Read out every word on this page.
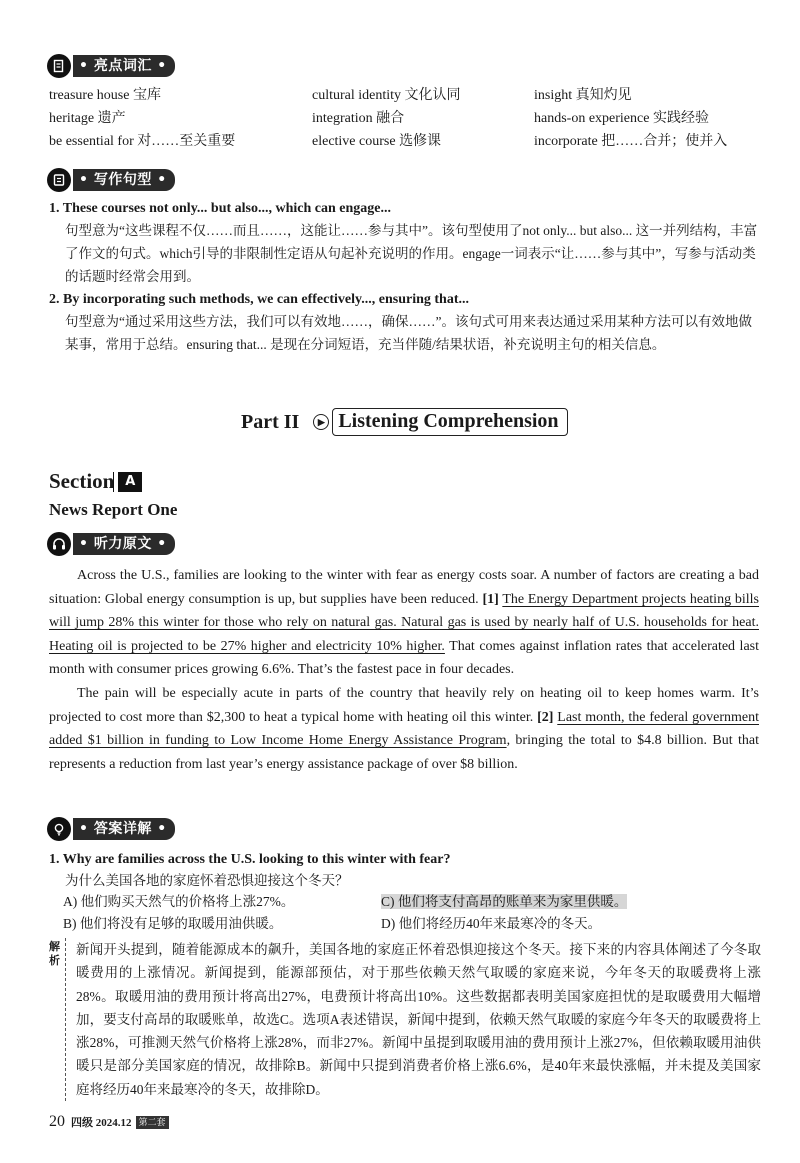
• 亮点词汇 •
treasure house 宝库	cultural identity 文化认同	insight 真知灼见
heritage 遗产	integration 融合	hands-on experience 实践经验
be essential for 对……至关重要	elective course 选修课	incorporate 把……合并；使并入
• 写作句型 •
1. These courses not only... but also..., which can engage...
句型意为“这些课程不仅……而且……，这能让……参与其中”。该句型使用了not only... but also... 这一并列结构，丰富了作文的句式。which引导的非限制性定语从句起补充说明的作用。engage一词表示“让……参与其中”，写参与活动类的话题时经常会用到。
2. By incorporating such methods, we can effectively..., ensuring that...
句型意为“通过采用这些方法，我们可以有效地……，确保……”。该句式可用来表达通过采用某种方法可以有效地做某事，常用于总结。ensuring that... 是现在分词短语，充当伴随/结果状语，补充说明主句的相关信息。
Part II	▶ Listening Comprehension
Section A
News Report One
• 听力原文 •

Across the U.S., families are looking to the winter with fear as energy costs soar. A number of factors are creating a bad situation: Global energy consumption is up, but supplies have been reduced. [1] The Energy Department projects heating bills will jump 28% this winter for those who rely on natural gas. Natural gas is used by nearly half of U.S. households for heat. Heating oil is projected to be 27% higher and electricity 10% higher. That comes against inflation rates that accelerated last month with consumer prices growing 6.6%. That’s the fastest pace in four decades.

The pain will be especially acute in parts of the country that heavily rely on heating oil to keep homes warm. It’s projected to cost more than $2,300 to heat a typical home with heating oil this winter. [2] Last month, the federal government added $1 billion in funding to Low Income Home Energy Assistance Program, bringing the total to $4.8 billion. But that represents a reduction from last year’s energy assistance package of over $8 billion.

• 答案详解 •
1. Why are families across the U.S. looking to this winter with fear?
为什么美国各地的家庭怀着恐惧迎接这个冬天？
A) 他们购买天然气的价格将上涨27%。	C) 他们将支付高昂的账单来为家里供暖。
B) 他们将没有足够的取暖用油供暖。	D) 他们将经历40年来最寒冷的冬天。
解析
新闻开头提到，随着能源成本的飙升，美国各地的家庭正怀着恐惧迎接这个冬天。接下来的内容具体阐述了今冬取暖费用的上涨情况。新闻提到，能源部预估，对于那些依赖天然气取暖的家庭来说，今年冬天的取暖费将上涨28%。取暖用油的费用预计将高出27%，电费预计将高出10%。这些数据都表明美国家庭担忧的是取暖费用大幅增加，要支付高昂的取暖账单，故选C。选项A表述错误，新闻中提到，依赖天然气取暖的家庭今年冬天的取暖费将上涨28%，可推测天然气价格将上涨28%，而非27%。新闻中虽提到取暖用油的费用预计上涨27%，但依赖取暖用油供暖只是部分美国家庭的情况，故排除B。新闻中只提到消费者价格上涨6.6%，是40年来最快涨幅，并未提及美国家庭将经历40年来最寒冷的冬天，故排除D。
20 四级 2024.12 第二套
